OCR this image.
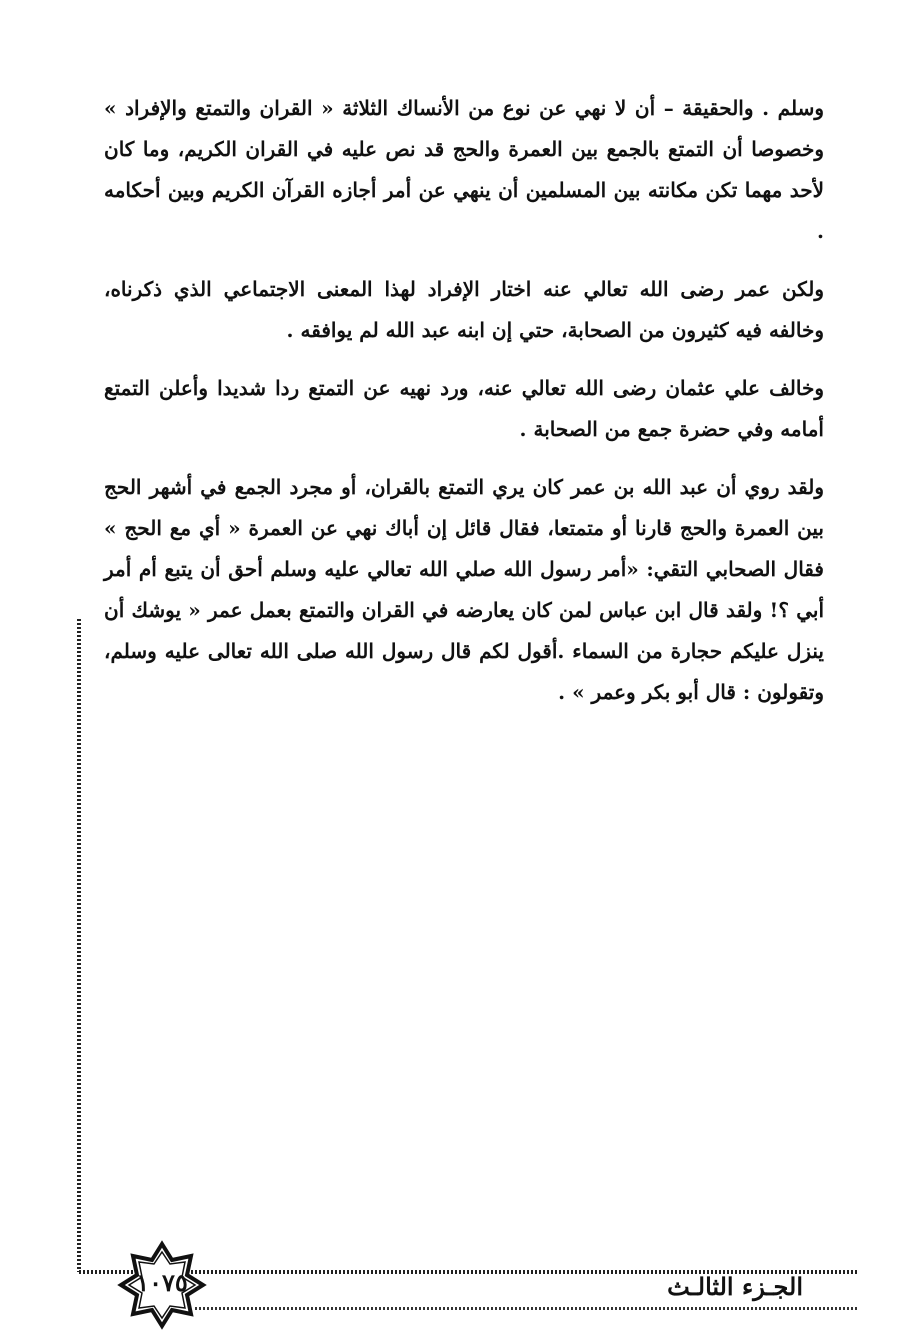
وسلم . والحقيقة – أن لا نهي عن نوع من الأنساك الثلاثة « القران والتمتع والإفراد » وخصوصا أن التمتع بالجمع بين العمرة والحج قد نص عليه في القران الكريم، وما كان لأحد مهما تكن مكانته بين المسلمين أن ينهي عن أمر أجازه القرآن الكريم وبين أحكامه .

ولكن عمر رضى الله تعالي عنه اختار الإفراد لهذا المعنى الاجتماعي الذي ذكرناه، وخالفه فيه كثيرون من الصحابة، حتي إن ابنه عبد الله لم يوافقه .

وخالف علي عثمان رضى الله تعالي عنه، ورد نهيه عن التمتع ردا شديدا وأعلن التمتع أمامه وفي حضرة جمع من الصحابة .

ولقد روي أن عبد الله بن عمر كان يري التمتع بالقران، أو مجرد الجمع في أشهر الحج بين العمرة والحج قارنا أو متمتعا، فقال قائل إن أباك نهي عن العمرة « أي مع الحج » فقال الصحابي التقي: «أمر رسول الله صلي الله تعالي عليه وسلم أحق أن يتبع أم أمر أبي ؟! ولقد قال ابن عباس لمن كان يعارضه في القران والتمتع بعمل عمر « يوشك أن ينزل عليكم حجارة من السماء .أقول لكم قال رسول الله صلى الله تعالى عليه وسلم، وتقولون : قال أبو بكر وعمر » .

١٠٧٥	الجـزء الثالـث
